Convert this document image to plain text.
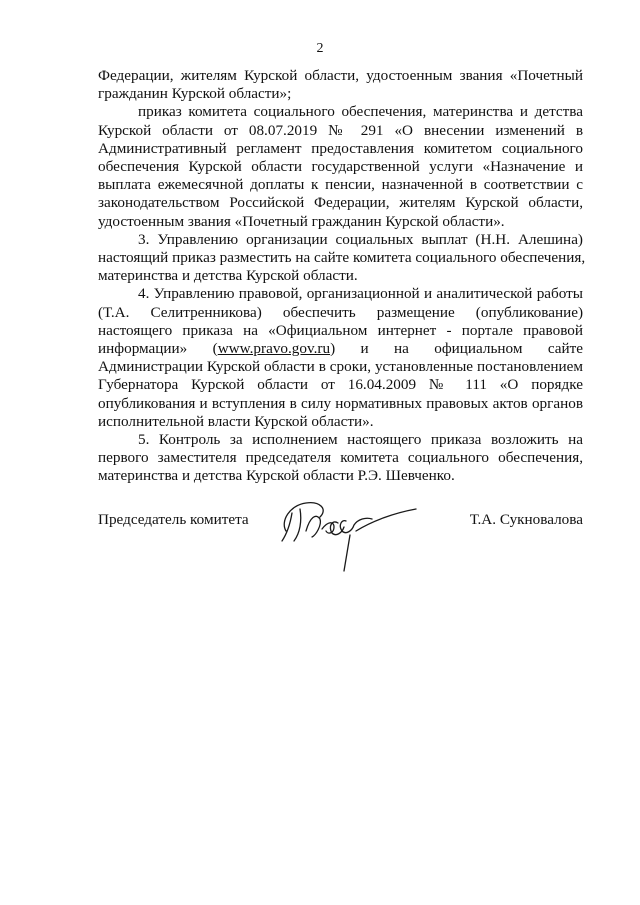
2

Федерации, жителям Курской области, удостоенным звания «Почетный
гражданин Курской области»;

приказ комитета социального обеспечения, материнства и детства
Курской области от 08.07.2019 № 291 «О внесении изменений в
Административный регламент предоставления комитетом социального
обеспечения Курской области государственной услуги «Назначение и
выплата ежемесячной доплаты к пенсии, назначенной в соответствии с
законодательством Российской Федерации, жителям Курской области,
удостоенным звания «Почетный гражданин Курской области».

3. Управлению организации социальных выплат (Н.Н. Алешина)
настоящий приказ разместить на сайте комитета социального обеспечения,
материнства и детства Курской области.

4. Управлению правовой, организационной и аналитической работы
(Т.А. Селитренникова) обеспечить размещение (опубликование)
настоящего приказа на «Официальном интернет - портале правовой
информации» (www.pravo.gov.ru) и на официальном сайте
Администрации Курской области в сроки, установленные постановлением
Губернатора Курской области от 16.04.2009 № 111 «О порядке
опубликования и вступления в силу нормативных правовых актов органов
исполнительной власти Курской области».

5. Контроль за исполнением настоящего приказа возложить на
первого заместителя председателя комитета социального обеспечения,
материнства и детства Курской области Р.Э. Шевченко.

Председатель комитета	Т.А. Сукновалова
